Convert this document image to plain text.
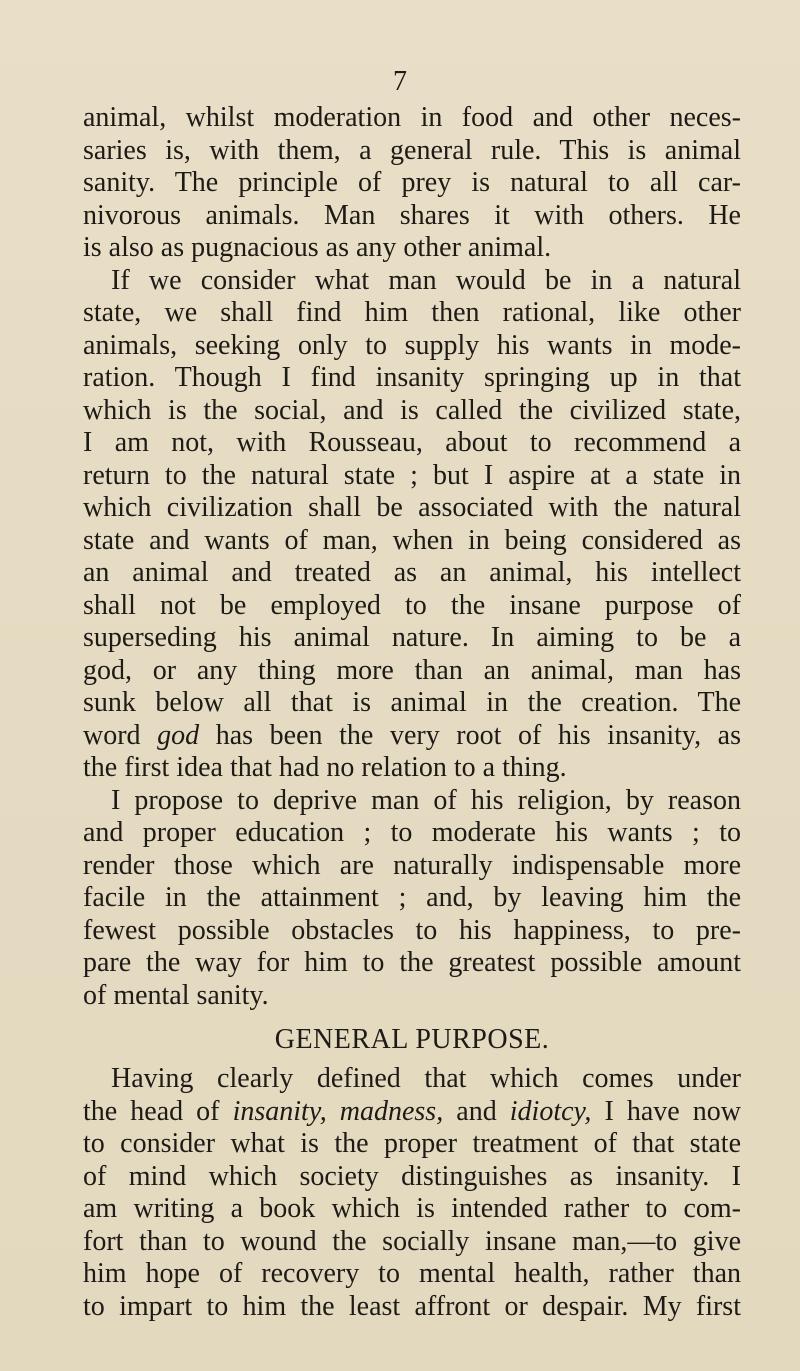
7
animal, whilst moderation in food and other neces-
saries is, with them, a general rule. This is animal
sanity. The principle of prey is natural to all car-
nivorous animals. Man shares it with others. He
is also as pugnacious as any other animal.
If we consider what man would be in a natural
state, we shall find him then rational, like other
animals, seeking only to supply his wants in mode-
ration. Though I find insanity springing up in that
which is the social, and is called the civilized state,
I am not, with Rousseau, about to recommend a
return to the natural state ; but I aspire at a state in
which civilization shall be associated with the natural
state and wants of man, when in being considered as
an animal and treated as an animal, his intellect
shall not be employed to the insane purpose of
superseding his animal nature. In aiming to be a
god, or any thing more than an animal, man has
sunk below all that is animal in the creation. The
word god has been the very root of his insanity, as
the first idea that had no relation to a thing.
I propose to deprive man of his religion, by reason
and proper education ; to moderate his wants ; to
render those which are naturally indispensable more
facile in the attainment ; and, by leaving him the
fewest possible obstacles to his happiness, to pre-
pare the way for him to the greatest possible amount
of mental sanity.
GENERAL PURPOSE.
Having clearly defined that which comes under
the head of insanity, madness, and idiotcy, I have now
to consider what is the proper treatment of that state
of mind which society distinguishes as insanity. I
am writing a book which is intended rather to com-
fort than to wound the socially insane man,—to give
him hope of recovery to mental health, rather than
to impart to him the least affront or despair. My first
